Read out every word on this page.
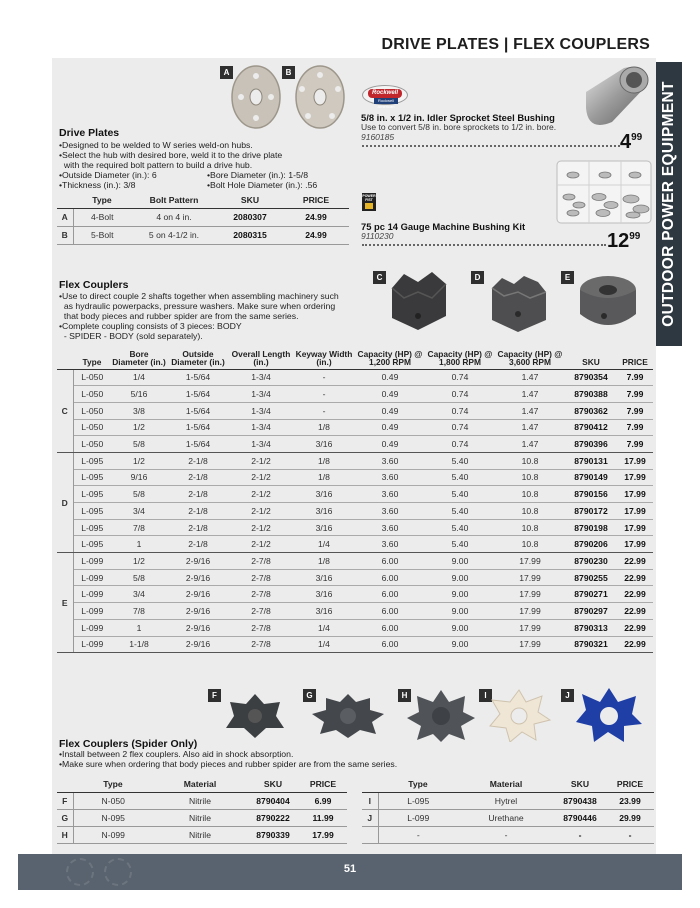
DRIVE PLATES | FLEX COUPLERS
OUTDOOR POWER EQUIPMENT
A	B
Drive Plates
•Designed to be welded to W series weld-on hubs.
•Select the hub with desired bore, weld it to the drive plate
with the required bolt pattern to build a drive hub.
•Outside Diameter (in.): 6	•Bore Diameter (in.): 1-5/8
•Thickness (in.): 3/8	•Bolt Hole Diameter (in.): .56
	Type	Bolt Pattern	SKU	PRICE
A	4-Bolt	4 on 4 in.	2080307	24.99
B	5-Bolt	5 on 4-1/2 in.	2080315	24.99
Rockwell
Rockwell American
5/8 in. x 1/2 in. Idler Sprocket Steel Bushing
Use to convert 5/8 in. bore sprockets to 1/2 in. bore.
9160185	$4^{99}$
POWER
FIST
75 pc 14 Gauge Machine Bushing Kit
9110230	$12^{99}$
C	D	E
Flex Couplers
•Use to direct couple 2 shafts together when assembling machinery such
as hydraulic powerpacks, pressure washers. Make sure when ordering
that body pieces and rubber spider are from the same series.
•Complete coupling consists of 3 pieces: BODY
- SPIDER - BODY (sold separately).
	Type	Bore Diameter (in.)	Outside Diameter (in.)	Overall Length (in.)	Keyway Width (in.)	Capacity (HP) @ 1,200 RPM	Capacity (HP) @ 1,800 RPM	Capacity (HP) @ 3,600 RPM	SKU	PRICE
C	L-050	1/4	1-5/64	1-3/4	-	0.49	0.74	1.47	8790354	7.99
	L-050	5/16	1-5/64	1-3/4	-	0.49	0.74	1.47	8790388	7.99
	L-050	3/8	1-5/64	1-3/4	-	0.49	0.74	1.47	8790362	7.99
	L-050	1/2	1-5/64	1-3/4	1/8	0.49	0.74	1.47	8790412	7.99
	L-050	5/8	1-5/64	1-3/4	3/16	0.49	0.74	1.47	8790396	7.99
D	L-095	1/2	2-1/8	2-1/2	1/8	3.60	5.40	10.8	8790131	17.99
	L-095	9/16	2-1/8	2-1/2	1/8	3.60	5.40	10.8	8790149	17.99
	L-095	5/8	2-1/8	2-1/2	3/16	3.60	5.40	10.8	8790156	17.99
	L-095	3/4	2-1/8	2-1/2	3/16	3.60	5.40	10.8	8790172	17.99
	L-095	7/8	2-1/8	2-1/2	3/16	3.60	5.40	10.8	8790198	17.99
	L-095	1	2-1/8	2-1/2	1/4	3.60	5.40	10.8	8790206	17.99
E	L-099	1/2	2-9/16	2-7/8	1/8	6.00	9.00	17.99	8790230	22.99
	L-099	5/8	2-9/16	2-7/8	3/16	6.00	9.00	17.99	8790255	22.99
	L-099	3/4	2-9/16	2-7/8	3/16	6.00	9.00	17.99	8790271	22.99
	L-099	7/8	2-9/16	2-7/8	3/16	6.00	9.00	17.99	8790297	22.99
	L-099	1	2-9/16	2-7/8	1/4	6.00	9.00	17.99	8790313	22.99
	L-099	1-1/8	2-9/16	2-7/8	1/4	6.00	9.00	17.99	8790321	22.99
F	G	H	I	J
Flex Couplers (Spider Only)
•Install between 2 flex couplers. Also aid in shock absorption.
•Make sure when ordering that body pieces and rubber spider are from the same series.
	Type	Material	SKU	PRICE
F	N-050	Nitrile	8790404	6.99
G	N-095	Nitrile	8790222	11.99
H	N-099	Nitrile	8790339	17.99
	Type	Material	SKU	PRICE
I	L-095	Hytrel	8790438	23.99
J	L-099	Urethane	8790446	29.99
	-	-	-	-
51
